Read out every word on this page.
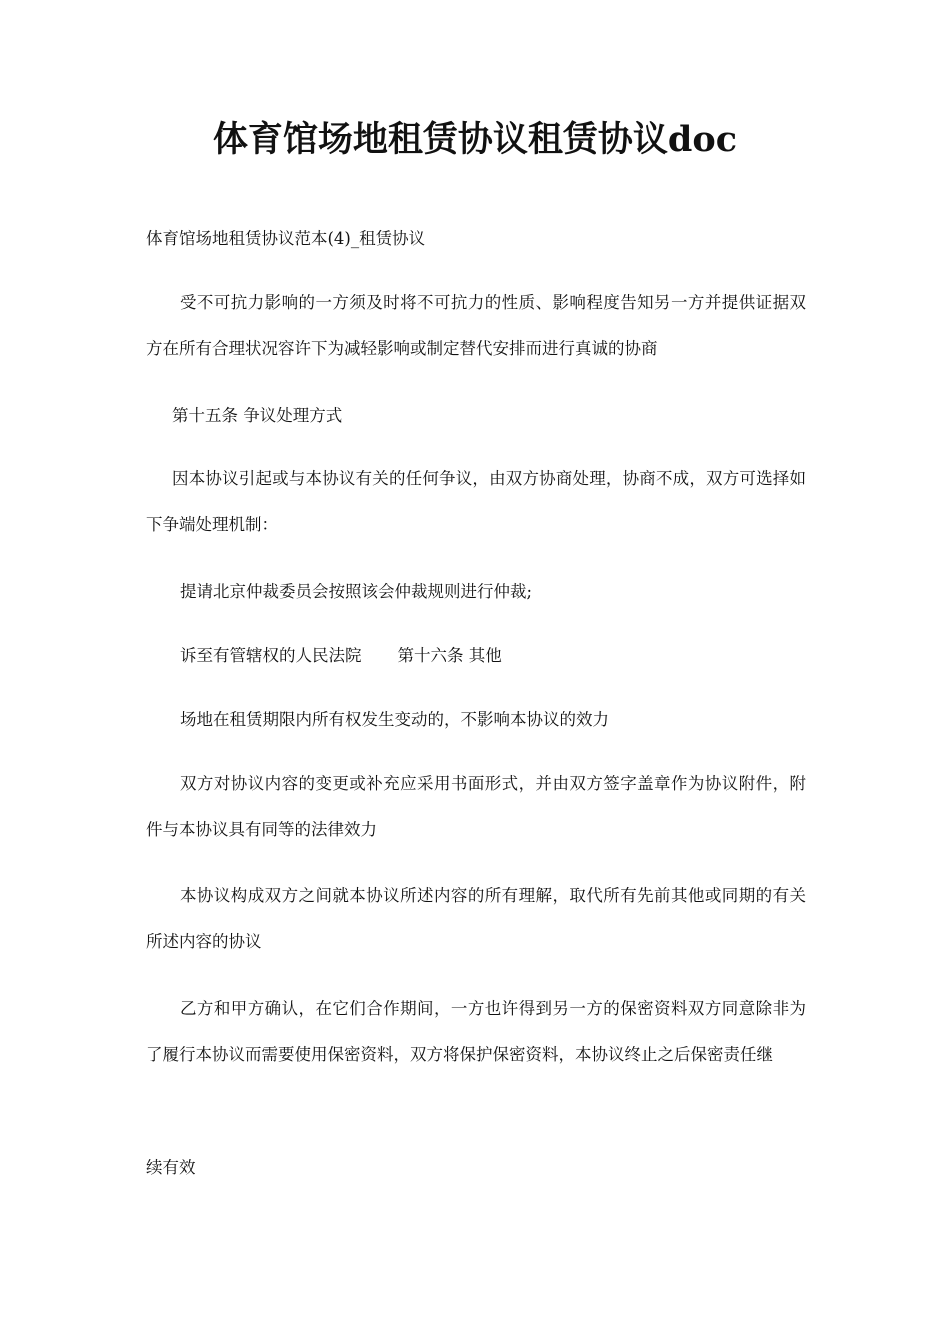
体育馆场地租赁协议租赁协议doc

体育馆场地租赁协议范本(4)_租赁协议

受不可抗力影响的一方须及时将不可抗力的性质、影响程度告知另一方并提供证据双方在所有合理状况容许下为减轻影响或制定替代安排而进行真诚的协商

第十五条 争议处理方式

因本协议引起或与本协议有关的任何争议，由双方协商处理，协商不成，双方可选择如下争端处理机制：

提请北京仲裁委员会按照该会仲裁规则进行仲裁;

诉至有管辖权的人民法院 第十六条 其他

场地在租赁期限内所有权发生变动的，不影响本协议的效力

双方对协议内容的变更或补充应采用书面形式，并由双方签字盖章作为协议附件，附件与本协议具有同等的法律效力

本协议构成双方之间就本协议所述内容的所有理解，取代所有先前其他或同期的有关所述内容的协议

乙方和甲方确认，在它们合作期间，一方也许得到另一方的保密资料双方同意除非为了履行本协议而需要使用保密资料，双方将保护保密资料，本协议终止之后保密责任继

续有效
